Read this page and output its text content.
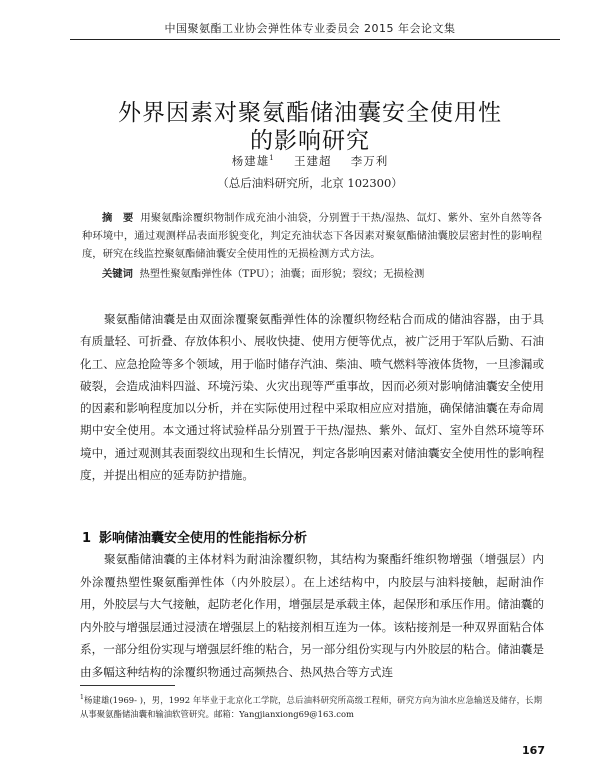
中国聚氨酯工业协会弹性体专业委员会 2015 年会论文集
外界因素对聚氨酯储油囊安全使用性
的影响研究
杨建雄$^1$ 王建超 李万利
（总后油料研究所，北京 102300）
摘　要 用聚氨酯涂覆织物制作成充油小油袋，分别置于干热/湿热、氙灯、紫外、室外自然等各种环境中，通过观测样品表面形貌变化，判定充油状态下各因素对聚氨酯储油囊胶层密封性的影响程度，研究在线监控聚氨酯储油囊安全使用性的无损检测方式方法。
关键词 热塑性聚氨酯弹性体（TPU）；油囊；面形貌；裂纹；无损检测
聚氨酯储油囊是由双面涂覆聚氨酯弹性体的涂覆织物经粘合而成的储油容器，由于具有质量轻、可折叠、存放体积小、展收快捷、使用方便等优点，被广泛用于军队后勤、石油化工、应急抢险等多个领域，用于临时储存汽油、柴油、喷气燃料等液体货物，一旦渗漏或破裂，会造成油料四溢、环境污染、火灾出现等严重事故，因而必须对影响储油囊安全使用的因素和影响程度加以分析，并在实际使用过程中采取相应应对措施，确保储油囊在寿命周期中安全使用。本文通过将试验样品分别置于干热/湿热、紫外、氙灯、室外自然环境等环境中，通过观测其表面裂纹出现和生长情况，判定各影响因素对储油囊安全使用性的影响程度，并提出相应的延寿防护措施。
1 影响储油囊安全使用的性能指标分析
聚氨酯储油囊的主体材料为耐油涂覆织物，其结构为聚酯纤维织物增强（增强层）内外涂覆热塑性聚氨酯弹性体（内外胶层）。在上述结构中，内胶层与油料接触，起耐油作用，外胶层与大气接触，起防老化作用，增强层是承载主体，起保形和承压作用。储油囊的内外胶与增强层通过浸渍在增强层上的粘接剂相互连为一体。该粘接剂是一种双界面粘合体系，一部分组份实现与增强层纤维的粘合，另一部分组份实现与内外胶层的粘合。储油囊是由多幅这种结构的涂覆织物通过高频热合、热风热合等方式连
$^1$杨建雄(1969- )，男，1992 年毕业于北京化工学院，总后油料研究所高级工程师，研究方向为油水应急输送及储存，长期从事聚氨酯储油囊和输油软管研究。邮箱：Yangjianxiong69@163.com
167
